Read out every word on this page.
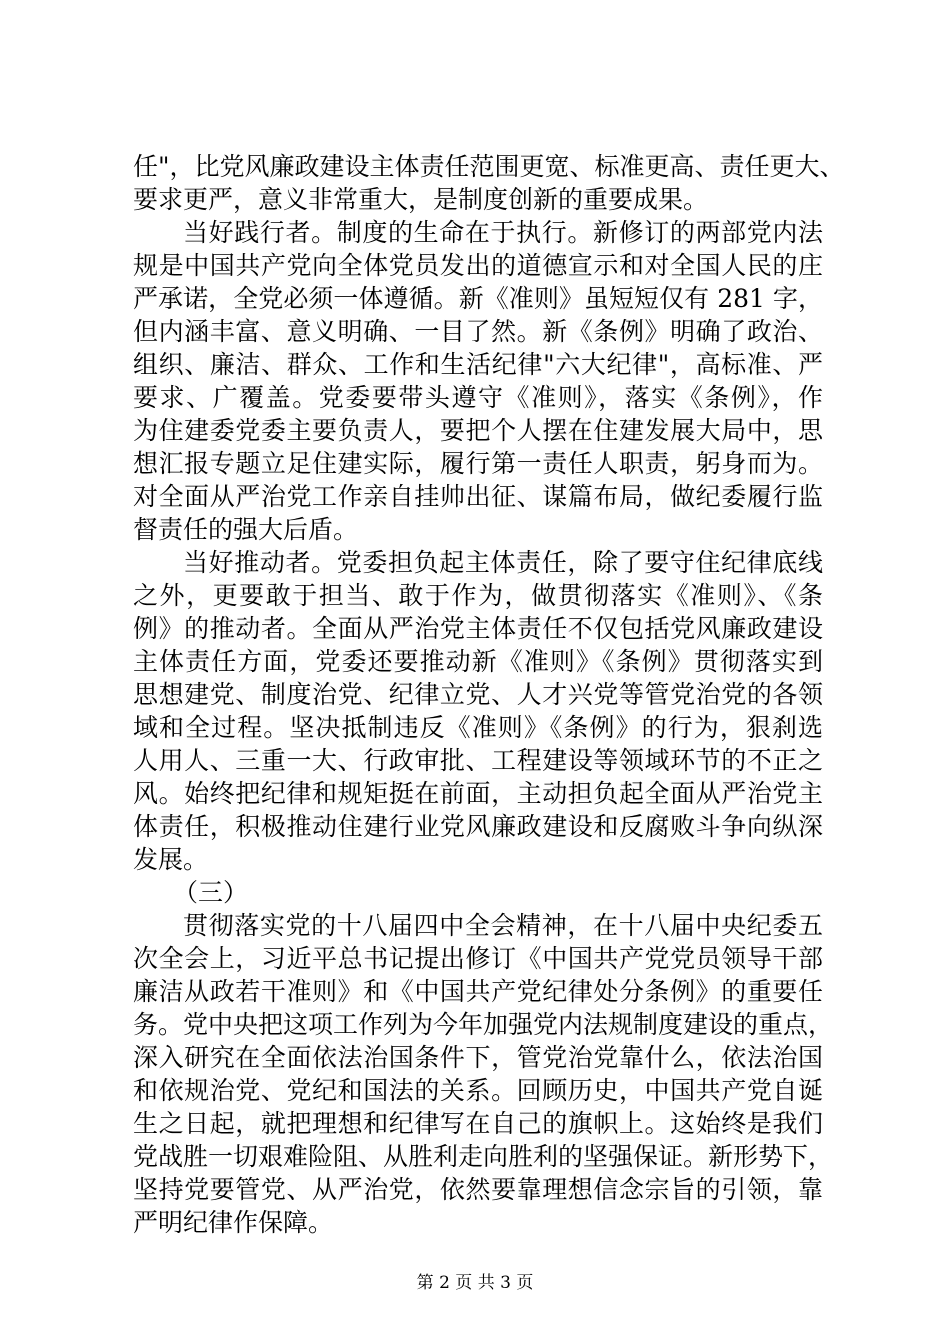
任"，比党风廉政建设主体责任范围更宽、标准更高、责任更大、
要求更严，意义非常重大，是制度创新的重要成果。
当好践行者。制度的生命在于执行。新修订的两部党内法
规是中国共产党向全体党员发出的道德宣示和对全国人民的庄
严承诺，全党必须一体遵循。新《准则》虽短短仅有 281 字，
但内涵丰富、意义明确、一目了然。新《条例》明确了政治、
组织、廉洁、群众、工作和生活纪律"六大纪律"，高标准、严
要求、广覆盖。党委要带头遵守《准则》，落实《条例》，作
为住建委党委主要负责人，要把个人摆在住建发展大局中，思
想汇报专题立足住建实际，履行第一责任人职责，躬身而为。
对全面从严治党工作亲自挂帅出征、谋篇布局，做纪委履行监
督责任的强大后盾。
当好推动者。党委担负起主体责任，除了要守住纪律底线
之外，更要敢于担当、敢于作为，做贯彻落实《准则》、《条
例》的推动者。全面从严治党主体责任不仅包括党风廉政建设
主体责任方面，党委还要推动新《准则》《条例》贯彻落实到
思想建党、制度治党、纪律立党、人才兴党等管党治党的各领
域和全过程。坚决抵制违反《准则》《条例》的行为，狠刹选
人用人、三重一大、行政审批、工程建设等领域环节的不正之
风。始终把纪律和规矩挺在前面，主动担负起全面从严治党主
体责任，积极推动住建行业党风廉政建设和反腐败斗争向纵深
发展。
（三）
贯彻落实党的十八届四中全会精神，在十八届中央纪委五
次全会上，习近平总书记提出修订《中国共产党党员领导干部
廉洁从政若干准则》和《中国共产党纪律处分条例》的重要任
务。党中央把这项工作列为今年加强党内法规制度建设的重点，
深入研究在全面依法治国条件下，管党治党靠什么，依法治国
和依规治党、党纪和国法的关系。回顾历史，中国共产党自诞
生之日起，就把理想和纪律写在自己的旗帜上。这始终是我们
党战胜一切艰难险阻、从胜利走向胜利的坚强保证。新形势下，
坚持党要管党、从严治党，依然要靠理想信念宗旨的引领，靠
严明纪律作保障。
第 2 页 共 3 页
